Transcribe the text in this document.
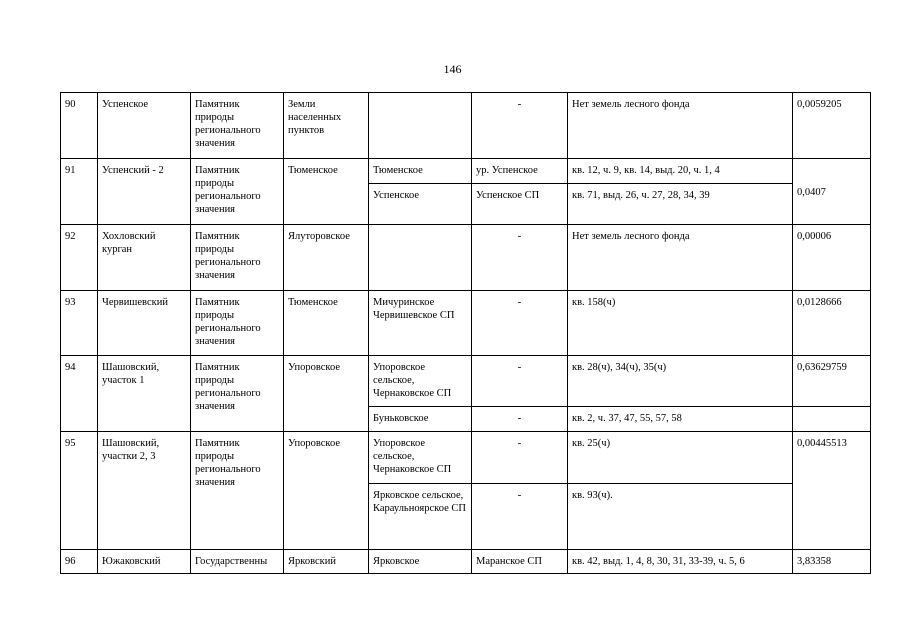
146
90	Успенское	Памятник природы регионального значения	Земли населенных пунктов		-	Нет земель лесного фонда	0,0059205
91	Успенский - 2	Памятник природы регионального значения	Тюменское	Тюменское	ур. Успенское	кв. 12, ч. 9, кв. 14, выд. 20, ч. 1, 4	0,0407
				Успенское	Успенское СП	кв. 71, выд. 26, ч. 27, 28, 34, 39	
92	Хохловский курган	Памятник природы регионального значения	Ялуторовское		-	Нет земель лесного фонда	0,00006
93	Червишевский	Памятник природы регионального значения	Тюменское	Мичуринское Червишевское СП	-	кв. 158(ч)	0,0128666
94	Шашовский, участок 1	Памятник природы регионального значения	Упоровское	Упоровское сельское, Чернаковское СП	-	кв. 28(ч), 34(ч), 35(ч)	0,63629759
				Буньковское	-	кв. 2, ч. 37, 47, 55, 57, 58	
95	Шашовский, участки 2, 3	Памятник природы регионального значения	Упоровское	Упоровское сельское, Чернаковское СП	-	кв. 25(ч)	0,00445513
				Ярковское сельское, Караульноярское СП	-	кв. 93(ч).	
96	Южаковский	Государственны	Ярковский	Ярковское	Маранское СП	кв. 42, выд. 1, 4, 8, 30, 31, 33-39, ч. 5, 6	3,83358
